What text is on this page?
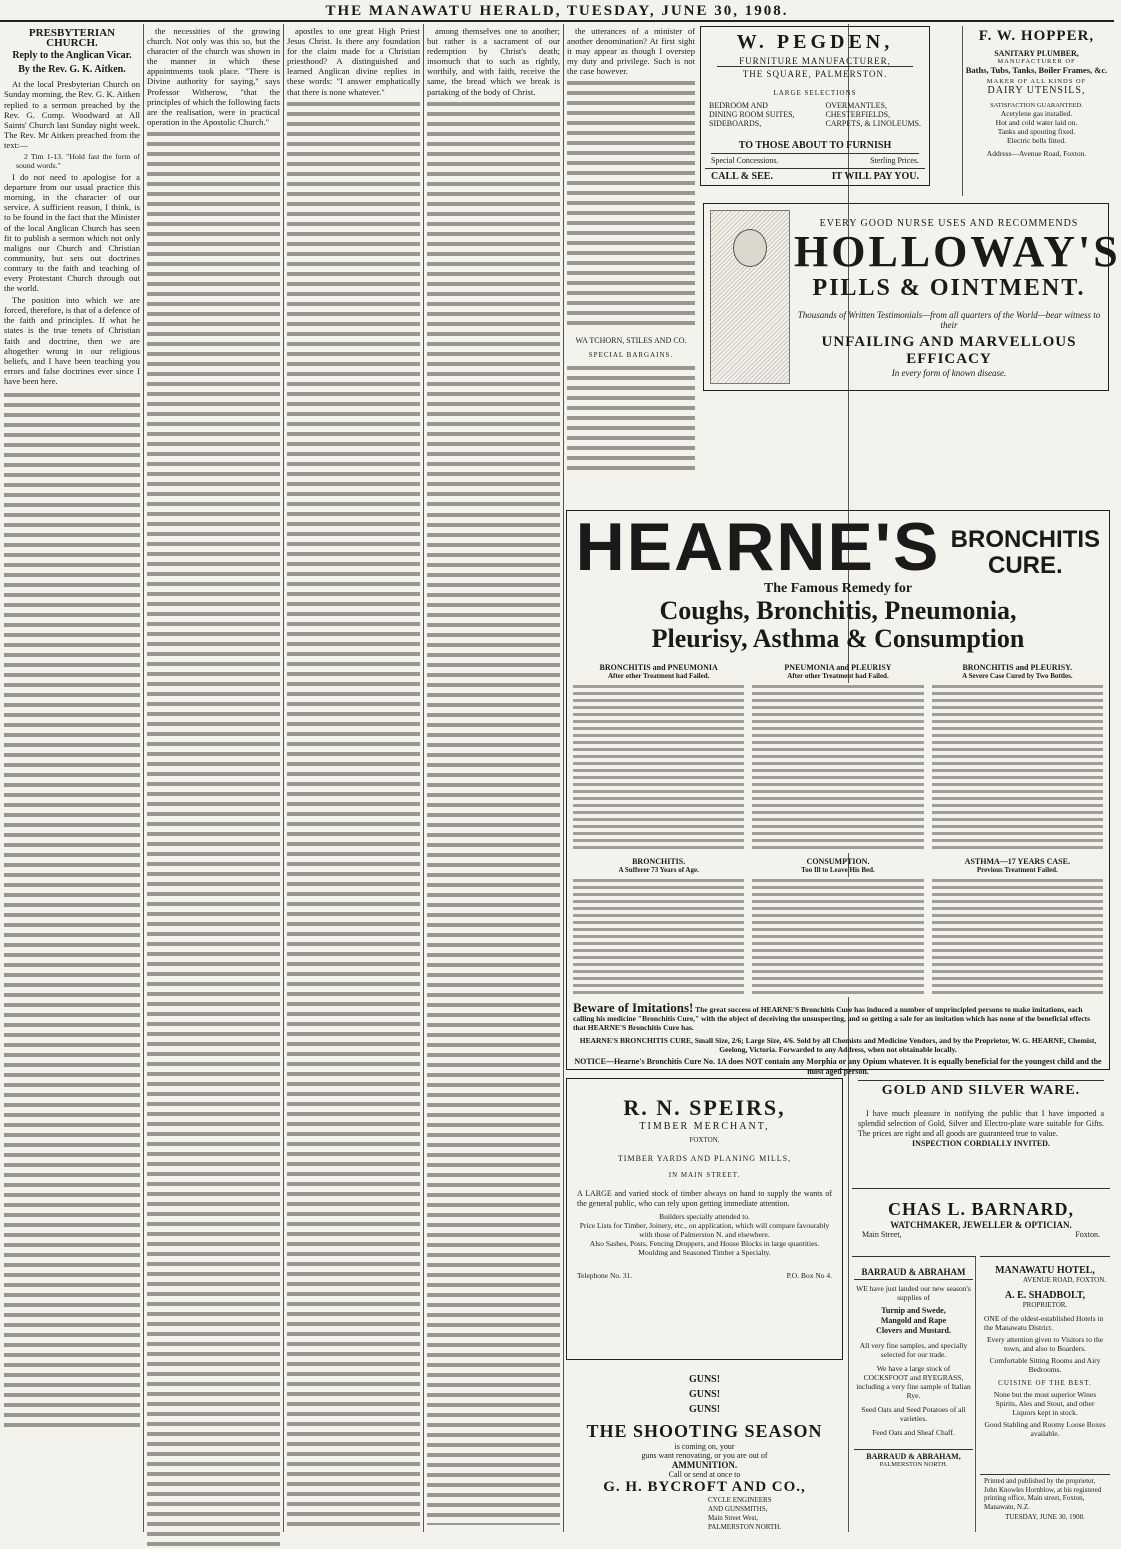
THE MANAWATU HERALD, TUESDAY, JUNE 30, 1908.
PRESBYTERIAN CHURCH.
Reply to the Anglican Vicar.
By the Rev. G. K. Aitken.

At the local Presbyterian Church on Sunday morning, the Rev. G. K. Aitken replied to a sermon preached by the Rev. G. Comp. Woodward at All Saints' Church last Sunday night week. The Rev. Mr Aitken preached from the text:—

2 Tim 1-13. "Hold fast the form of sound words."

I do not need to apologise for a departure from our usual practice this morning, in the character of our service. A sufficient reason, I think, is to be found in the fact that the Minister of the local Anglican Church has seen fit to publish a sermon which not only maligns our Church and Christian community, but sets out doctrines contrary to the faith and teaching of every Protestant Church through out the world.

The position into which we are forced, therefore, is that of a defence of the faith and principles. If what he states is the true tenets of Christian faith and doctrine, then we are altogether wrong in our religious beliefs, and I have been teaching you errors and false doctrines ever since I have been here.

the necessities of the growing church. Not only was this so, but the character of the church was shown in the manner in which these appointments took place. "There is Divine authority for saying," says Professor Witherow, "that the principles of which the following facts are the realisation, were in practical operation in the Apostolic Church."

apostles to one great High Priest Jesus Christ. Is there any foundation for the claim made for a Christian priesthood? A distinguished and learned Anglican divine replies in these words: "I answer emphatically that there is none whatever."

among themselves one to another; but rather is a sacrament of our redemption by Christ's death; insomuch that to such as rightly, worthily, and with faith, receive the same, the bread which we break is partaking of the body of Christ.

W. PEGDEN,
FURNITURE MANUFACTURER,
THE SQUARE, PALMERSTON.
LARGE SELECTIONS
BEDROOM AND
DINING ROOM SUITES,
SIDEBOARDS,
OVERMANTLES,
CHESTERFIELDS,
CARPETS, & LINOLEUMS.
TO THOSE ABOUT TO FURNISH
Special Concessions.	Sterling Prices.
CALL & SEE.	IT WILL PAY YOU.
F. W. HOPPER,
SANITARY PLUMBER,
MANUFACTURER OF
Baths, Tubs, Tanks, Boiler Frames, &c.
MAKER OF ALL KINDS OF
DAIRY UTENSILS,
SATISFACTION GUARANTEED.
Acetylene gas installed.
Hot and cold water laid on.
Tanks and spouting fixed.
Electric bells fitted.
Address—Avenue Road, Foxton.

the utterances of a minister of another denomination? At first sight it may appear as though I overstep my duty and privilege. Such is not the case however.

WA TCHORN, STILES AND CO.
SPECIAL BARGAINS.
EVERY GOOD NURSE USES AND RECOMMENDS
HOLLOWAY'S
PILLS & OINTMENT.
Thousands of Written Testimonials—from all quarters of the World—bear witness to their
UNFAILING AND MARVELLOUS EFFICACY
In every form of known disease.
HEARNE'S BRONCHITIS CURE.
The Famous Remedy for
Coughs, Bronchitis, Pneumonia,
Pleurisy, Asthma & Consumption
BRONCHITIS and PNEUMONIA
After other Treatment had Failed.
BRONCHITIS.
A Sufferer 73 Years of Age.
PNEUMONIA and PLEURISY
After other Treatment had Failed.
CONSUMPTION.
Too Ill to Leave His Bed.
BRONCHITIS and PLEURISY.
A Severe Case Cured by Two Bottles.
ASTHMA—17 YEARS CASE.
Previous Treatment Failed.
Beware of Imitations! The great success of HEARNE'S Bronchitis Cure has induced a number of unprincipled persons to make imitations, each calling his medicine "Bronchitis Cure," with the object of deceiving the unsuspecting, and so getting a sale for an imitation which has none of the beneficial effects that HEARNE'S Bronchitis Cure has.
HEARNE'S BRONCHITIS CURE, Small Size, 2/6; Large Size, 4/6. Sold by all Chemists and Medicine Vendors, and by the Proprietor, W. G. HEARNE, Chemist, Geelong, Victoria. Forwarded to any Address, when not obtainable locally.
NOTICE—Hearne's Bronchitis Cure No. 1A does NOT contain any Morphia or any Opium whatever. It is equally beneficial for the youngest child and the most aged person.
R. N. SPEIRS,
TIMBER MERCHANT,
FOXTON.
TIMBER YARDS AND PLANING MILLS,
IN MAIN STREET.
A LARGE and varied stock of timber always on hand to supply the wants of the general public, who can rely upon getting immediate attention.
Builders specially attended to.
Price Lists for Timber, Joinery, etc., on application, which will compare favourably with those of Palmerston N. and elsewhere.
Also Sashes, Posts, Fencing Droppers, and House Blocks in large quantities.
Moulding and Seasoned Timber a Specialty.
Telephone No. 31.	P.O. Box No 4.
GUNS!
GUNS!
GUNS!
THE SHOOTING SEASON
is coming on, your
guns want renovating, or you are out of
AMMUNITION.
Call or send at once to
G. H. BYCROFT AND CO.,
CYCLE ENGINEERS
AND GUNSMITHS,
Main Street West,
PALMERSTON NORTH.
GOLD AND SILVER WARE.
I have much pleasure in notifying the public that I have imported a splendid selection of Gold, Silver and Electro-plate ware suitable for Gifts. The prices are right and all goods are guaranteed true to value.
INSPECTION CORDIALLY INVITED.
CHAS L. BARNARD,
WATCHMAKER, JEWELLER & OPTICIAN.
Main Street,	Foxton.
BARRAUD & ABRAHAM
WE have just landed our new season's supplies of
Turnip and Swede,
Mangold and Rape
Clovers and Mustard.
All very fine samples, and specially selected for our trade.
We have a large stock of COCKSFOOT and RYEGRASS, including a very fine sample of Italian Rye.
Seed Oats and Seed Potatoes of all varieties.
Feed Oats and Sheaf Chaff.
BARRAUD & ABRAHAM,
PALMERSTON NORTH.
MANAWATU HOTEL,
AVENUE ROAD, FOXTON.
A. E. SHADBOLT,
PROPRIETOR.
ONE of the oldest-established Hotels in the Manawatu District.
Every attention given to Visitors to the town, and also to Boarders.
Comfortable Sitting Rooms and Airy Bedrooms.
CUISINE OF THE BEST.
None but the most superior Wines Spirits, Ales and Stout, and other Liquors kept in stock.
Good Stabling and Roomy Loose Boxes available.
Printed and published by the proprietor, John Knowles Hornblow, at his registered printing office, Main street, Foxton, Manawatu, N.Z.
TUESDAY, JUNE 30, 1908.
